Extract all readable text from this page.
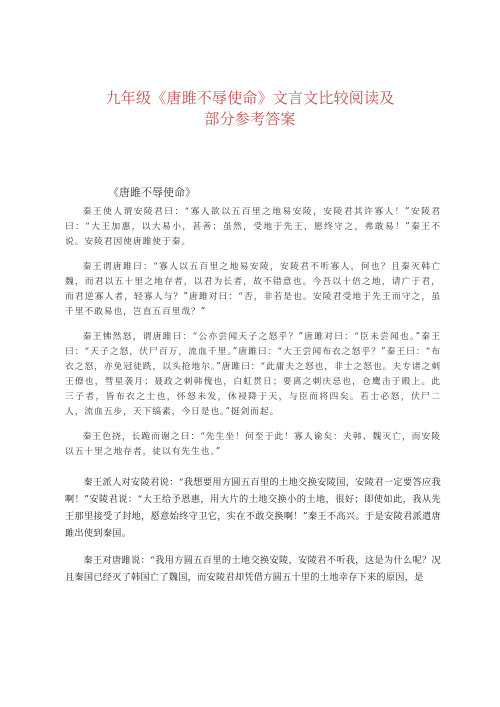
九年级《唐雎不辱使命》文言文比较阅读及
部分参考答案
《唐雎不辱使命》

秦王使人谓安陵君曰：“寡人欲以五百里之地易安陵，安陵君其许寡人！”安陵君曰：“大王加惠，以大易小，甚善；虽然，受地于先王，愿终守之，弗敢易！”秦王不说。安陵君因使唐雎使于秦。

秦王谓唐雎曰：“寡人以五百里之地易安陵，安陵君不听寡人，何也？且秦灭韩亡魏，而君以五十里之地存者，以君为长者，故不错意也。今吾以十倍之地，请广于君，而君逆寡人者，轻寡人与？”唐雎对曰：“否，非若是也。安陵君受地于先王而守之，虽千里不敢易也，岂直五百里哉？”

秦王怫然怒，谓唐雎曰：“公亦尝闻天子之怒乎？”唐雎对曰：“臣未尝闻也。”秦王曰：“天子之怒，伏尸百万，流血千里。”唐雎曰：“大王尝闻布衣之怒乎？”秦王曰：“布衣之怒，亦免冠徒跣，以头抢地尔。”唐雎曰：“此庸夫之怒也，非士之怒也。夫专诸之刺王僚也，彗星袭月；聂政之刺韩傀也，白虹贯日；要离之刺庆忌也，仓鹰击于殿上。此三子者，皆布衣之士也，怀怒未发，休祲降于天，与臣而将四矣。若士必怒，伏尸二人，流血五步，天下缟素，今日是也。”挺剑而起。

秦王色挠，长跪而谢之曰：“先生坐！何至于此！寡人谕矣：夫韩、魏灭亡，而安陵以五十里之地存者，徒以有先生也。”

秦王派人对安陵君说：“我想要用方圆五百里的土地交换安陵国，安陵君一定要答应我啊！”安陵君说：“大王给予恩惠，用大片的土地交换小的土地，很好；即使如此，我从先王那里接受了封地，愿意始终守卫它，实在不敢交换啊！”秦王不高兴。于是安陵君派遣唐雎出使到秦国。

秦王对唐雎说：“我用方圆五百里的土地交换安陵，安陵君不听我，这是为什么呢？况且秦国已经灭了韩国亡了魏国，而安陵君却凭借方圆五十里的土地幸存下来的原因，是
